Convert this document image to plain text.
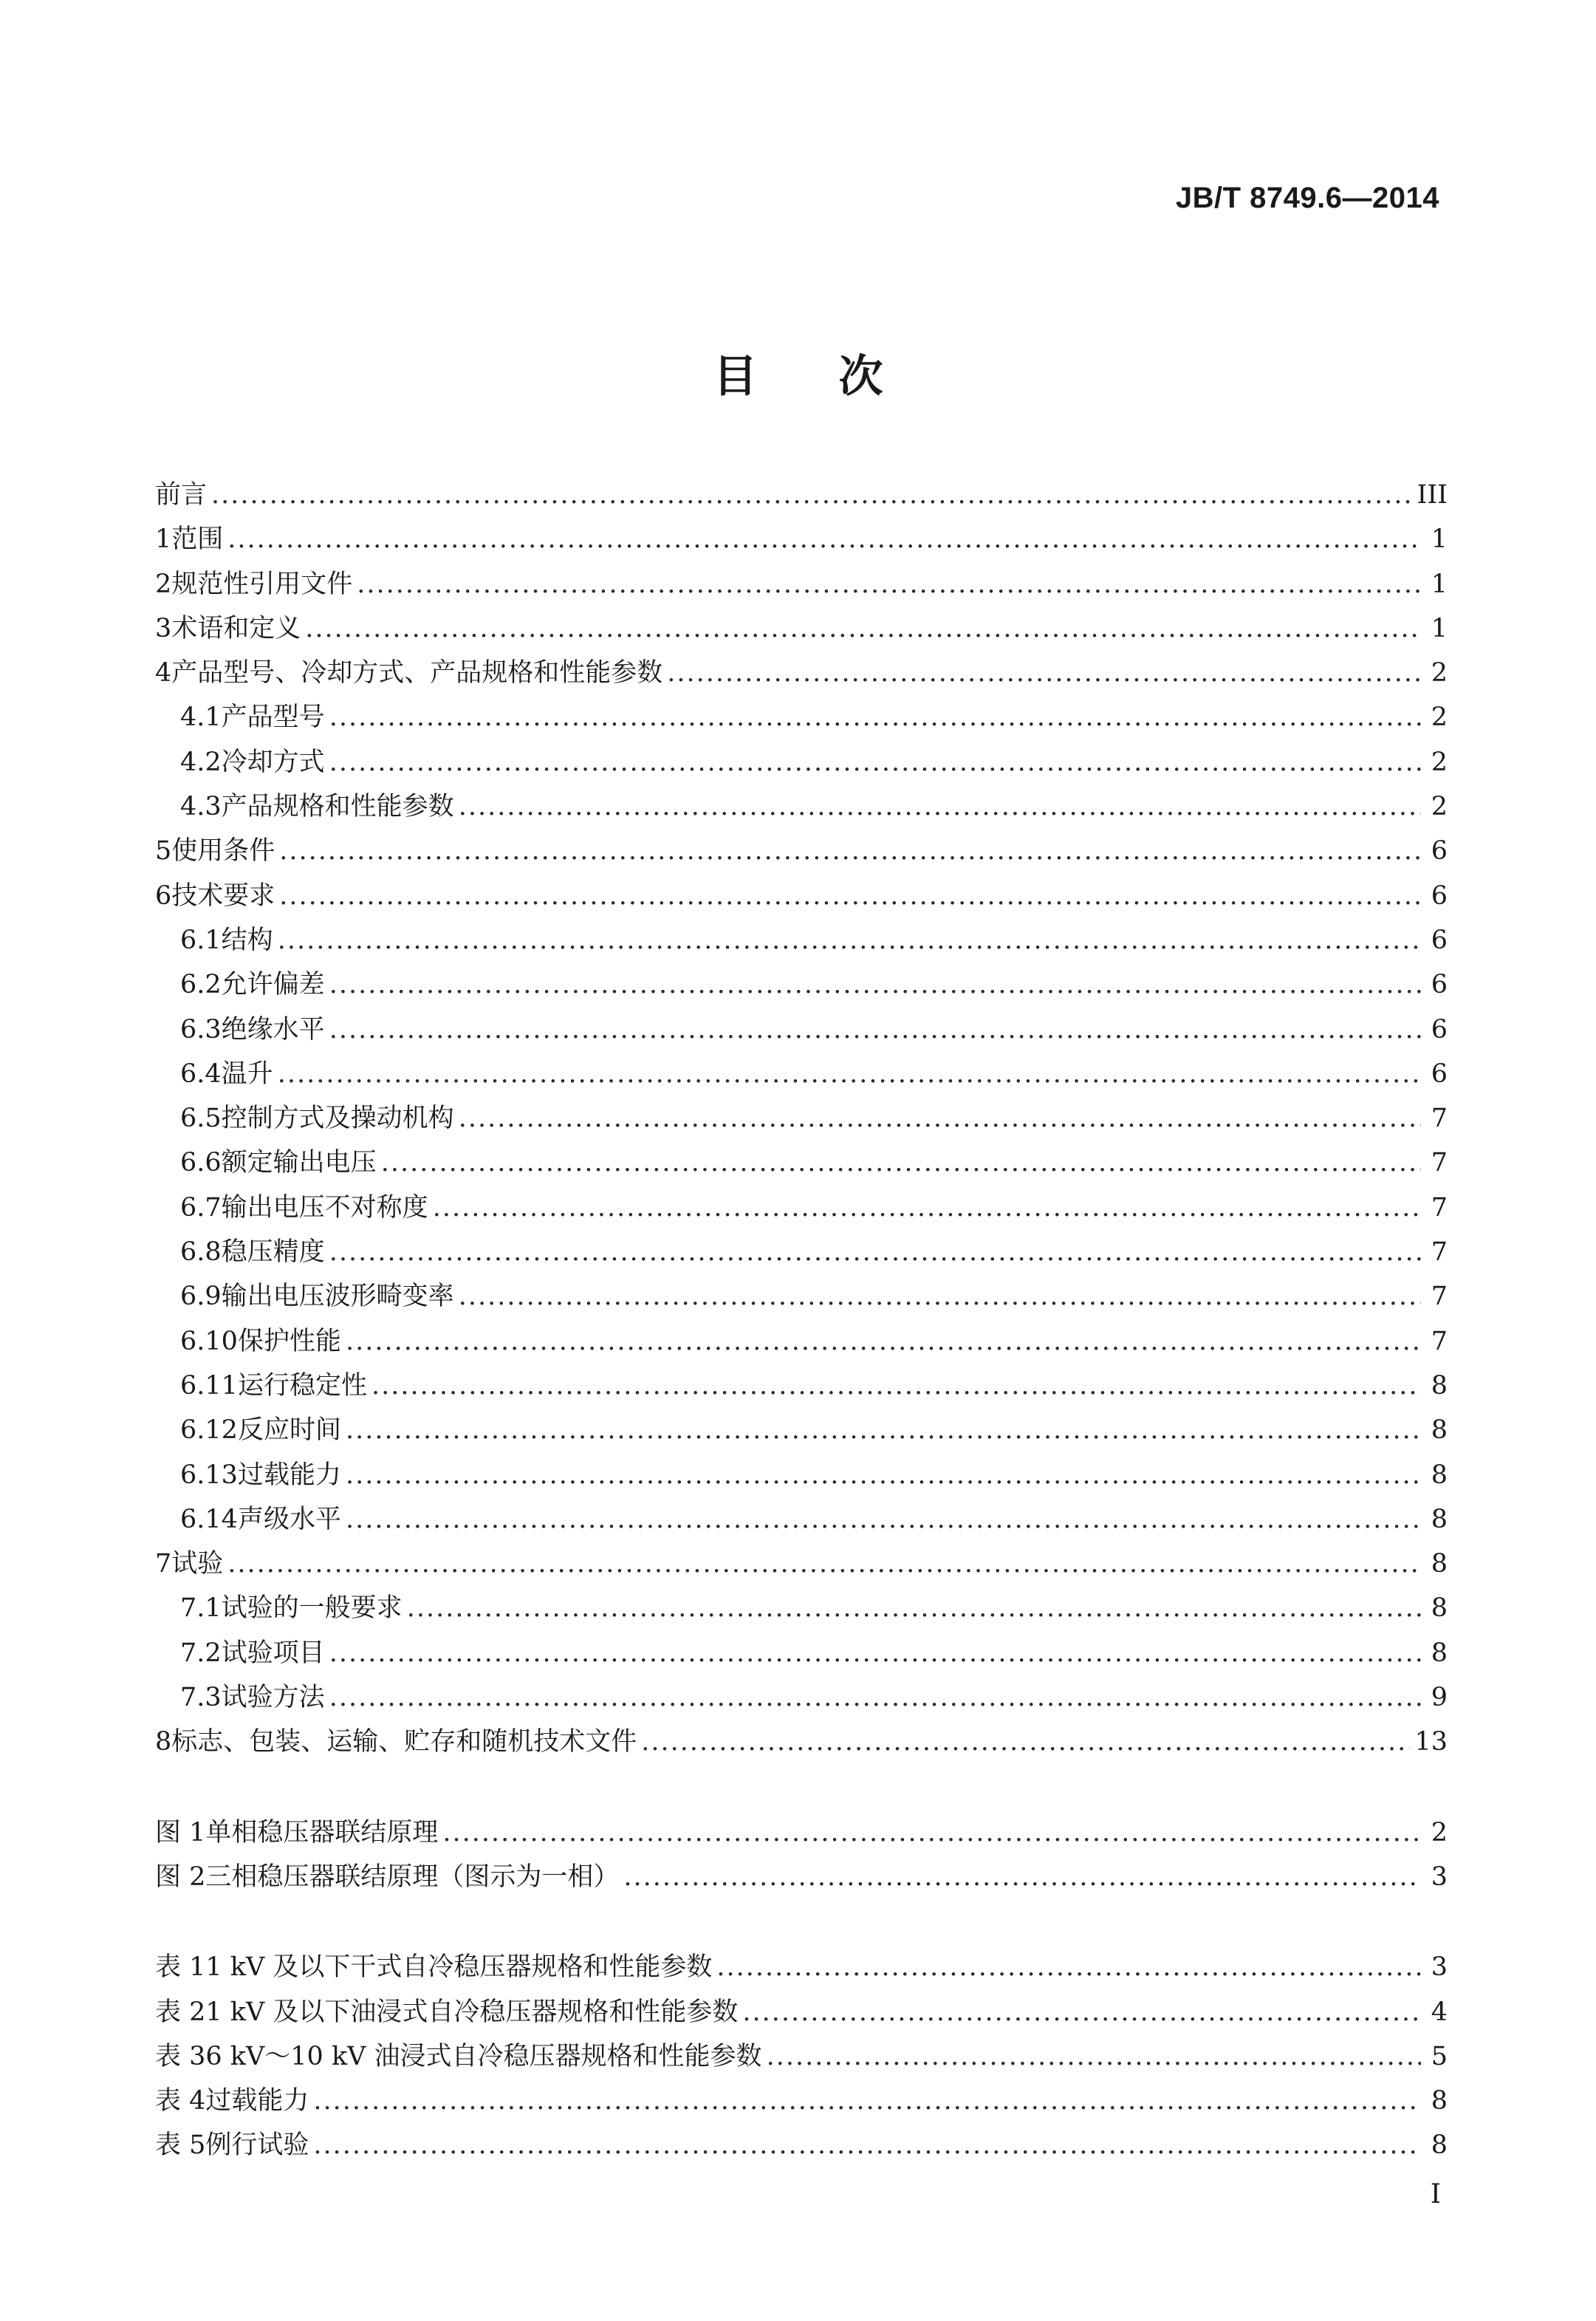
JB/T 8749.6—2014
目次
前言 .....	III
1 范围 .....	1
2 规范性引用文件 .....	1
3 术语和定义 .....	1
4 产品型号、冷却方式、产品规格和性能参数 .....	2
4.1 产品型号 .....	2
4.2 冷却方式 .....	2
4.3 产品规格和性能参数 .....	2
5 使用条件 .....	6
6 技术要求 .....	6
6.1 结构 .....	6
6.2 允许偏差 .....	6
6.3 绝缘水平 .....	6
6.4 温升 .....	6
6.5 控制方式及操动机构 .....	7
6.6 额定输出电压 .....	7
6.7 输出电压不对称度 .....	7
6.8 稳压精度 .....	7
6.9 输出电压波形畸变率 .....	7
6.10 保护性能 .....	7
6.11 运行稳定性 .....	8
6.12 反应时间 .....	8
6.13 过载能力 .....	8
6.14 声级水平 .....	8
7 试验 .....	8
7.1 试验的一般要求 .....	8
7.2 试验项目 .....	8
7.3 试验方法 .....	9
8 标志、包装、运输、贮存和随机技术文件 .....	13
图 1 单相稳压器联结原理 .....	2
图 2 三相稳压器联结原理（图示为一相） .....	3
表 1 1 kV 及以下干式自冷稳压器规格和性能参数 .....	3
表 2 1 kV 及以下油浸式自冷稳压器规格和性能参数 .....	4
表 3 6 kV～10 kV 油浸式自冷稳压器规格和性能参数 .....	5
表 4 过载能力 .....	8
表 5 例行试验 .....	8
I
